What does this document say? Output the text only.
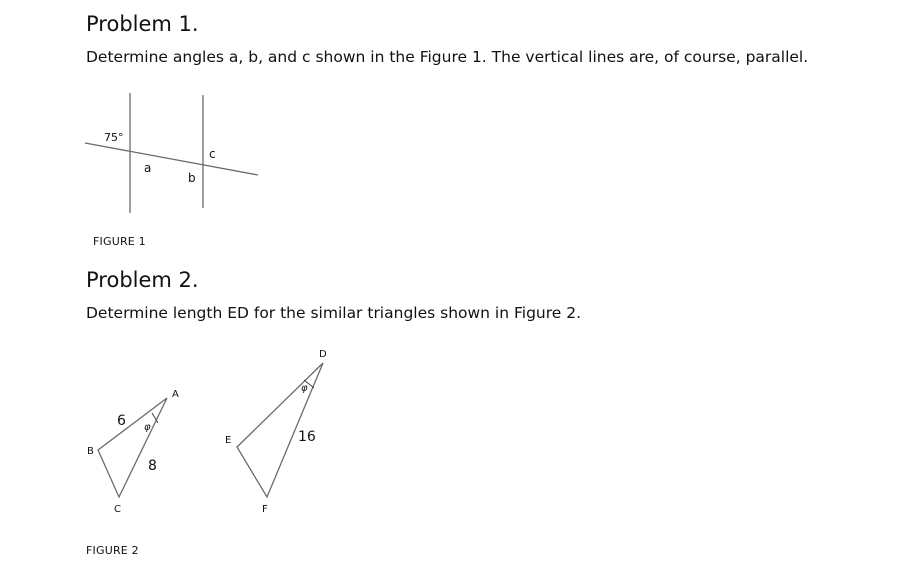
Problem 1.

Determine angles a, b, and c shown in the Figure 1. The vertical lines are, of course, parallel.

75°
a
b
c
A
B
C
6
8
φ
D
E
F
16
φ
FIGURE 1
Problem 2.

Determine length ED for the similar triangles shown in Figure 2.

FIGURE 2
